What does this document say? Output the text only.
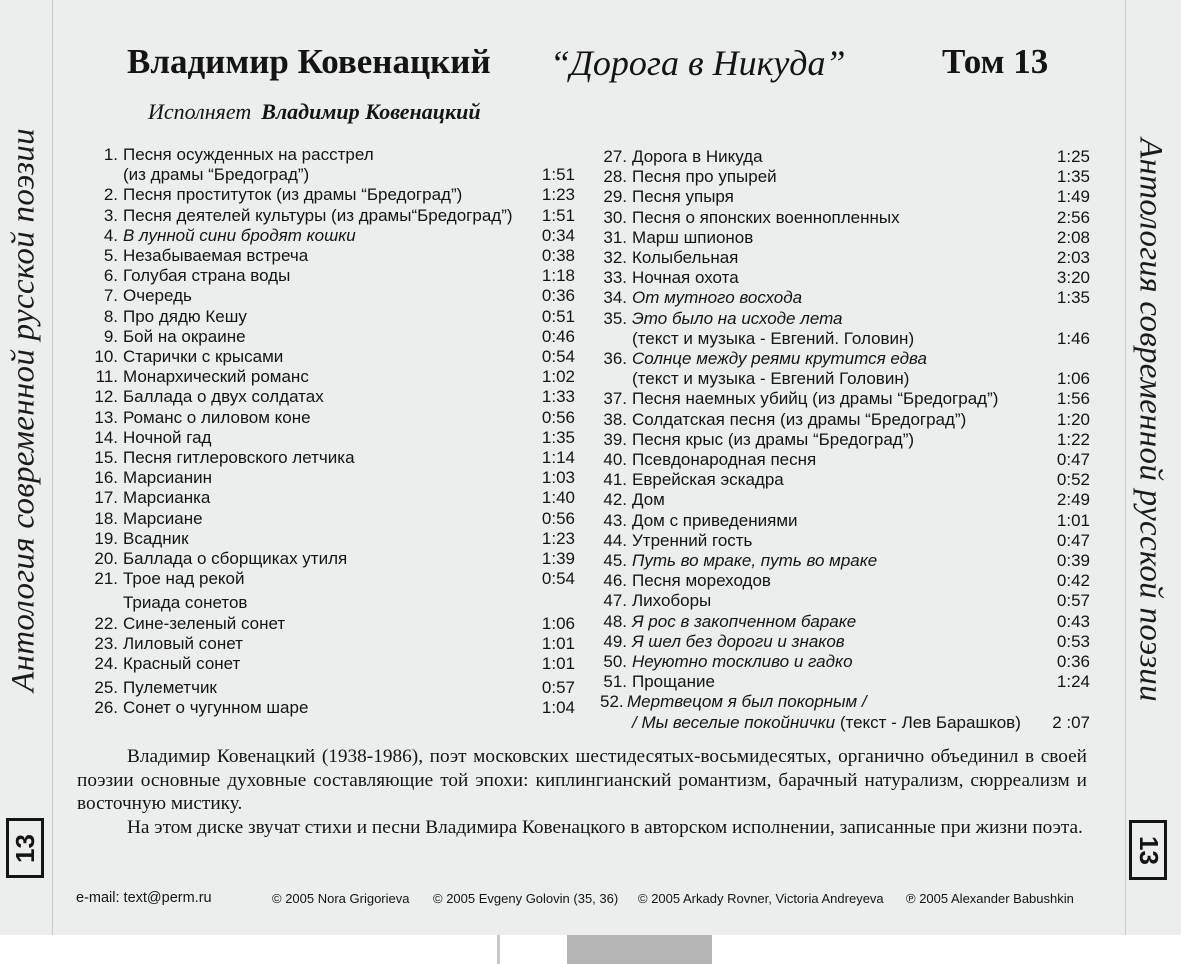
Антология современной русской поэзии	Антология современной русской поэзии
13	13
Владимир Ковенацкий “Дорога в Никуда”	Том 13
Исполняет Владимир Ковенацкий
1. Песня осужденных на расстрел
(из драмы “Бредоград”)	1:51
2. Песня проституток (из драмы “Бредоград”)	1:23
3. Песня деятелей культуры (из драмы“Бредоград”)	1:51
4. В лунной сини бродят кошки	0:34
5. Незабываемая встреча	0:38
6. Голубая страна воды	1:18
7. Очередь	0:36
8. Про дядю Кешу	0:51
9. Бой на окраине	0:46
10. Старички с крысами	0:54
11. Монархический романс	1:02
12. Баллада о двух солдатах	1:33
13. Романс о лиловом коне	0:56
14. Ночной гад	1:35
15. Песня гитлеровского летчика	1:14
16. Марсианин	1:03
17. Марсианка	1:40
18. Марсиане	0:56
19. Всадник	1:23
20. Баллада о сборщиках утиля	1:39
21. Трое над рекой	0:54
Триада сонетов
22. Сине-зеленый сонет	1:06
23. Лиловый сонет	1:01
24. Красный сонет	1:01
25. Пулеметчик	0:57
26. Сонет о чугунном шаре	1:04
27. Дорога в Никуда	1:25
28. Песня про упырей	1:35
29. Песня упыря	1:49
30. Песня о японских военнопленных	2:56
31. Марш шпионов	2:08
32. Колыбельная	2:03
33. Ночная охота	3:20
34. От мутного восхода	1:35
35. Это было на исходе лета
(текст и музыка - Евгений. Головин)	1:46
36. Солнце между реями крутится едва
(текст и музыка - Евгений Головин)	1:06
37. Песня наемных убийц (из драмы “Бредоград”)	1:56
38. Солдатская песня (из драмы “Бредоград”)	1:20
39. Песня крыс (из драмы “Бредоград”)	1:22
40. Псевдонародная песня	0:47
41. Еврейская эскадра	0:52
42. Дом	2:49
43. Дом с приведениями	1:01
44. Утренний гость	0:47
45. Путь во мраке, путь во мраке	0:39
46. Песня мореходов	0:42
47. Лихоборы	0:57
48. Я рос в закопченном бараке	0:43
49. Я шел без дороги и знаков	0:53
50. Неуютно тоскливо и гадко	0:36
51. Прощание	1:24
52. Мертвецом я был покорным /
/ Мы веселые покойнички (текст - Лев Барашков)	2 :07

Владимир Ковенацкий (1938-1986), поэт московских шестидесятых-восьмидесятых, органично объединил в своей поэзии основные духовные составляющие той эпохи: киплингианский романтизм, барачный натурализм, сюрреализм и восточную мистику.

На этом диске звучат стихи и песни Владимира Ковенацкого в авторском исполнении, записанные при жизни поэта.

e-mail: text@perm.ru	© 2005 Nora Grigorieva © 2005 Evgeny Golovin (35, 36) © 2005 Arkady Rovner, Victoria Andreyeva ℗ 2005 Alexander Babushkin
